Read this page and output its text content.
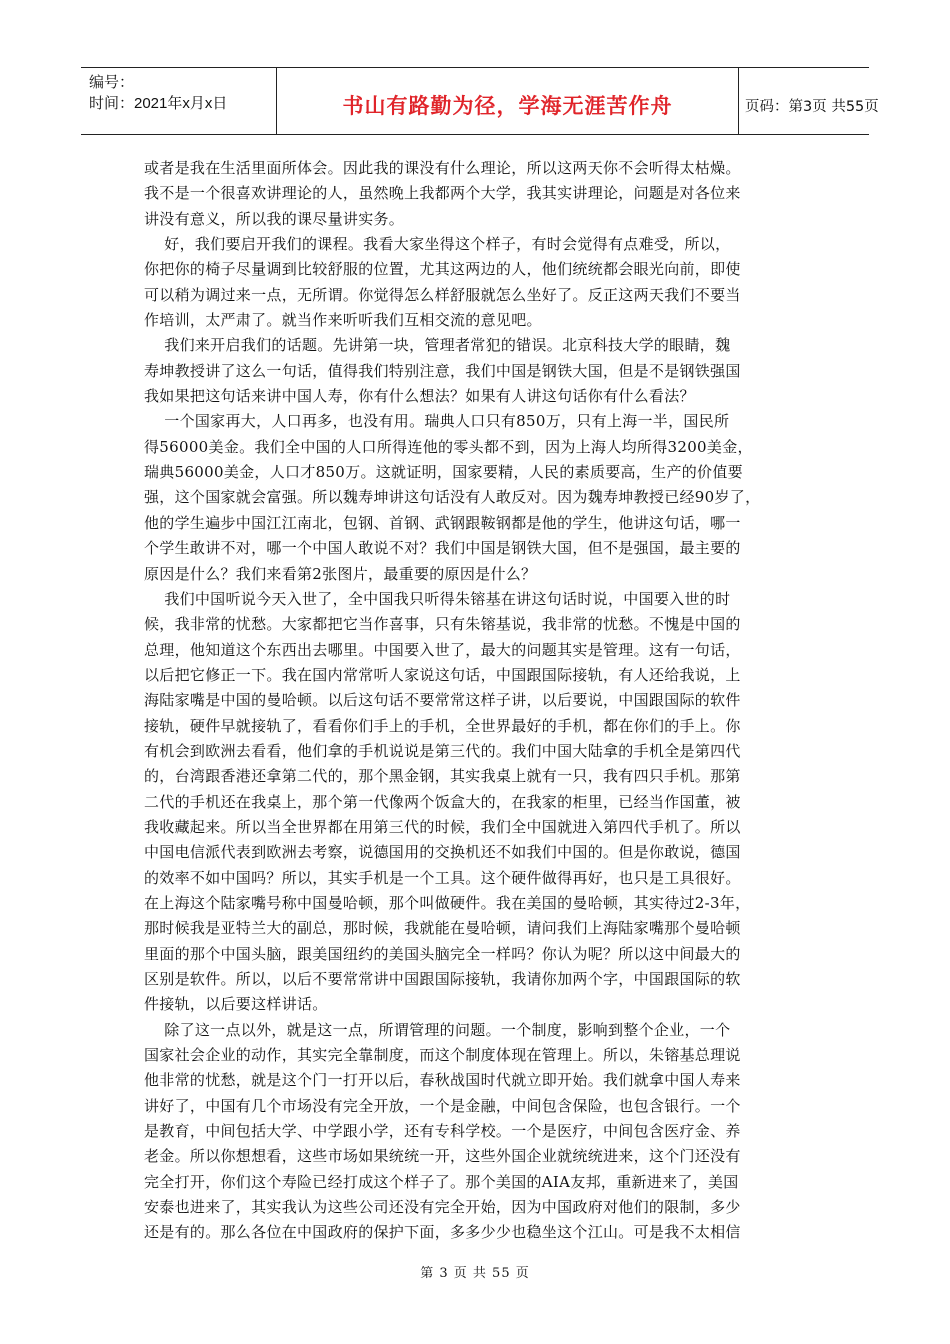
编号：
时间：2021年x月x日	书山有路勤为径，学海无涯苦作舟	页码：第3页 共55页
或者是我在生活里面所体会。因此我的课没有什么理论，所以这两天你不会听得太枯燥。
我不是一个很喜欢讲理论的人，虽然晚上我都两个大学，我其实讲理论，问题是对各位来
讲没有意义，所以我的课尽量讲实务。
好，我们要启开我们的课程。我看大家坐得这个样子，有时会觉得有点难受，所以，
你把你的椅子尽量调到比较舒服的位置，尤其这两边的人，他们统统都会眼光向前，即使
可以稍为调过来一点，无所谓。你觉得怎么样舒服就怎么坐好了。反正这两天我们不要当
作培训，太严肃了。就当作来听听我们互相交流的意见吧。
我们来开启我们的话题。先讲第一块，管理者常犯的错误。北京科技大学的眼睛，魏
寿坤教授讲了这么一句话，值得我们特别注意，我们中国是钢铁大国，但是不是钢铁强国
我如果把这句话来讲中国人寿，你有什么想法？如果有人讲这句话你有什么看法？
一个国家再大，人口再多，也没有用。瑞典人口只有850万，只有上海一半，国民所
得56000美金。我们全中国的人口所得连他的零头都不到，因为上海人均所得3200美金，
瑞典56000美金，人口才850万。这就证明，国家要精，人民的素质要高，生产的价值要
强，这个国家就会富强。所以魏寿坤讲这句话没有人敢反对。因为魏寿坤教授已经90岁了，
他的学生遍步中国江江南北，包钢、首钢、武钢跟鞍钢都是他的学生，他讲这句话，哪一
个学生敢讲不对，哪一个中国人敢说不对？我们中国是钢铁大国，但不是强国，最主要的
原因是什么？我们来看第2张图片，最重要的原因是什么？
我们中国听说今天入世了，全中国我只听得朱镕基在讲这句话时说，中国要入世的时
候，我非常的忧愁。大家都把它当作喜事，只有朱镕基说，我非常的忧愁。不愧是中国的
总理，他知道这个东西出去哪里。中国要入世了，最大的问题其实是管理。这有一句话，
以后把它修正一下。我在国内常常听人家说这句话，中国跟国际接轨，有人还给我说，上
海陆家嘴是中国的曼哈顿。以后这句话不要常常这样子讲，以后要说，中国跟国际的软件
接轨，硬件早就接轨了，看看你们手上的手机，全世界最好的手机，都在你们的手上。你
有机会到欧洲去看看，他们拿的手机说说是第三代的。我们中国大陆拿的手机全是第四代
的，台湾跟香港还拿第二代的，那个黑金钢，其实我桌上就有一只，我有四只手机。那第
二代的手机还在我桌上，那个第一代像两个饭盒大的，在我家的柜里，已经当作国董，被
我收藏起来。所以当全世界都在用第三代的时候，我们全中国就进入第四代手机了。所以
中国电信派代表到欧洲去考察，说德国用的交换机还不如我们中国的。但是你敢说，德国
的效率不如中国吗？所以，其实手机是一个工具。这个硬件做得再好，也只是工具很好。
在上海这个陆家嘴号称中国曼哈顿，那个叫做硬件。我在美国的曼哈顿，其实待过2-3年，
那时候我是亚特兰大的副总，那时候，我就能在曼哈顿，请问我们上海陆家嘴那个曼哈顿
里面的那个中国头脑，跟美国纽约的美国头脑完全一样吗？你认为呢？所以这中间最大的
区别是软件。所以，以后不要常常讲中国跟国际接轨，我请你加两个字，中国跟国际的软
件接轨，以后要这样讲话。
除了这一点以外，就是这一点，所谓管理的问题。一个制度，影响到整个企业，一个
国家社会企业的动作，其实完全靠制度，而这个制度体现在管理上。所以，朱镕基总理说
他非常的忧愁，就是这个门一打开以后，春秋战国时代就立即开始。我们就拿中国人寿来
讲好了，中国有几个市场没有完全开放，一个是金融，中间包含保险，也包含银行。一个
是教育，中间包括大学、中学跟小学，还有专科学校。一个是医疗，中间包含医疗金、养
老金。所以你想想看，这些市场如果统统一开，这些外国企业就统统进来，这个门还没有
完全打开，你们这个寿险已经打成这个样子了。那个美国的AIA友邦，重新进来了，美国
安泰也进来了，其实我认为这些公司还没有完全开始，因为中国政府对他们的限制，多少
还是有的。那么各位在中国政府的保护下面，多多少少也稳坐这个江山。可是我不太相信
第 3 页 共 55 页
